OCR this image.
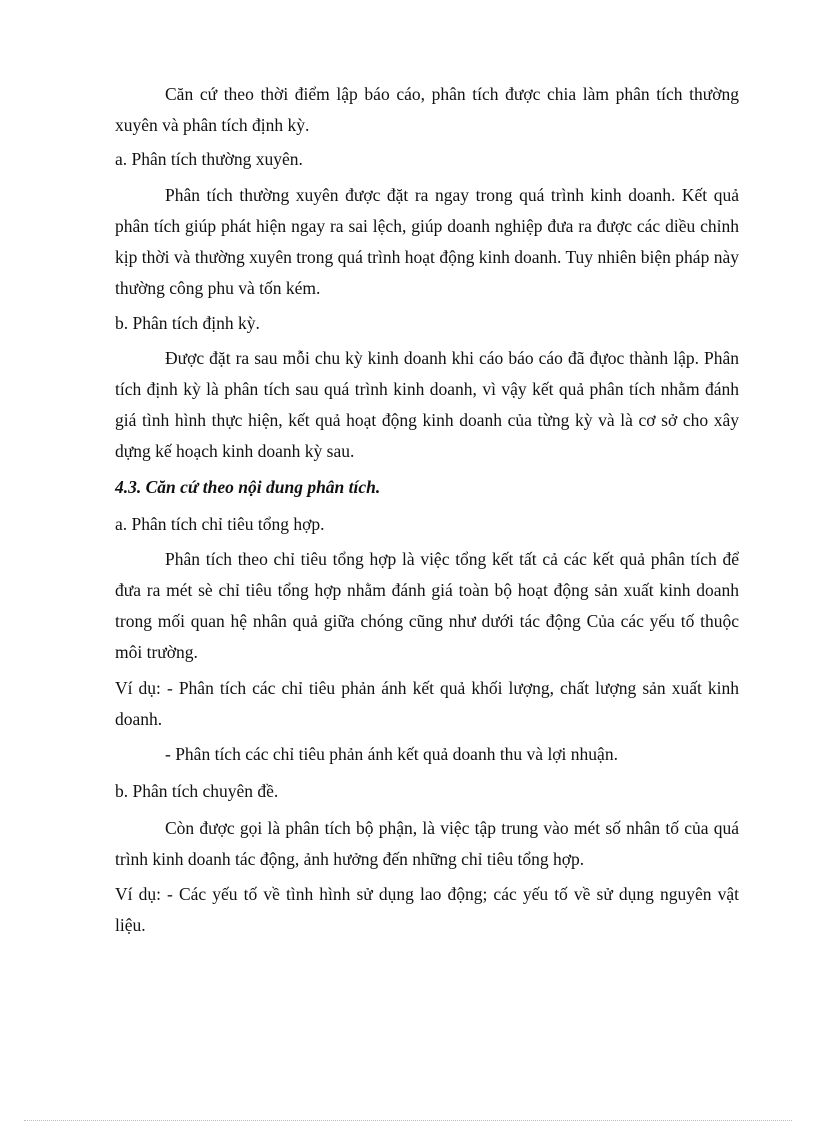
Căn cứ theo thời điểm lập báo cáo, phân tích được chia làm phân tích thường xuyên và phân tích định kỳ.

a. Phân tích thường xuyên.

Phân tích thường xuyên được đặt ra ngay trong quá trình kinh doanh. Kết quả phân tích giúp phát hiện ngay ra sai lệch, giúp doanh nghiệp đưa ra được các diều chỉnh kịp thời và thường xuyên trong quá trình hoạt động kinh doanh. Tuy nhiên biện pháp này thường công phu và tốn kém.

b. Phân tích định kỳ.

Được đặt ra sau mỗi chu kỳ kinh doanh khi cáo báo cáo đã đựoc thành lập. Phân tích định kỳ là phân tích sau quá trình kinh doanh, vì vậy kết quả phân tích nhằm đánh giá tình hình thực hiện, kết quả hoạt động kinh doanh của từng kỳ và là cơ sở cho xây dựng kế hoạch kinh doanh kỳ sau.

4.3. Căn cứ theo nội dung phân tích.

a. Phân tích chỉ tiêu tổng hợp.

Phân tích theo chỉ tiêu tổng hợp là việc tổng kết tất cả các kết quả phân tích để đưa ra mét sè chỉ tiêu tổng hợp nhằm đánh giá toàn bộ hoạt động sản xuất kinh doanh trong mối quan hệ nhân quả giữa chóng cũng như dưới tác động Của các yếu tố thuộc môi trường.

Ví dụ: - Phân tích các chỉ tiêu phản ánh kết quả khối lượng, chất lượng sản xuất kinh doanh.

- Phân tích các chỉ tiêu phản ánh kết quả doanh thu và lợi nhuận.

b. Phân tích chuyên đề.

Còn được gọi là phân tích bộ phận, là việc tập trung vào mét số nhân tố của quá trình kinh doanh tác động, ảnh hưởng đến những chỉ tiêu tổng hợp.

Ví dụ: - Các yếu tố về tình hình sử dụng lao động; các yếu tố về sử dụng nguyên vật liệu.
